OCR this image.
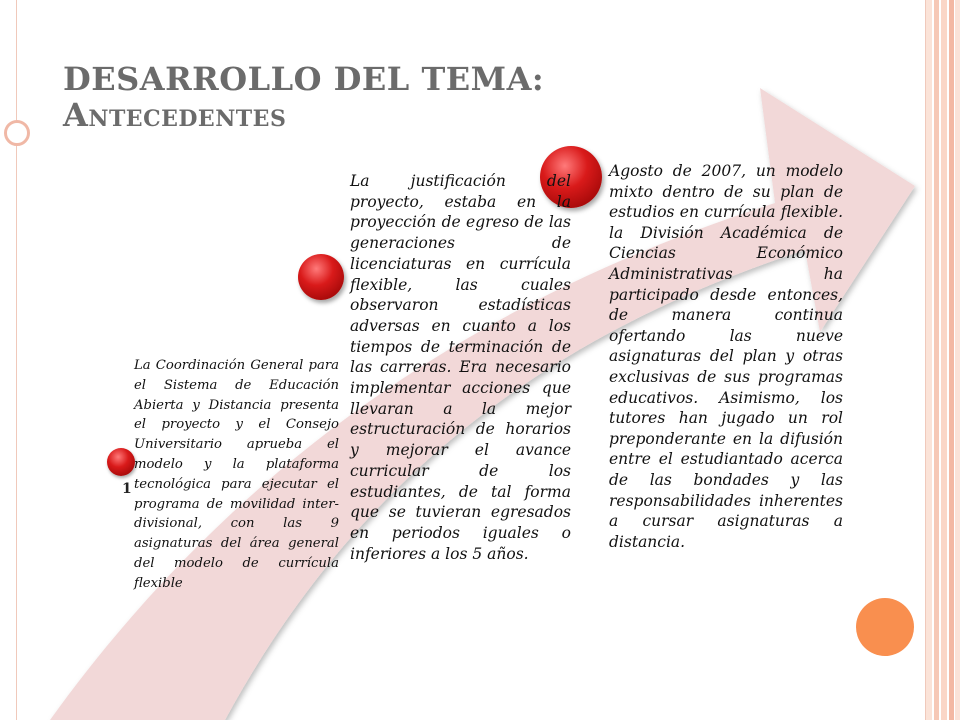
DESARROLLO DEL TEMA:
Antecedentes
1

La Coordinación General para el Sistema de Educación Abierta y Distancia presenta el proyecto y el Consejo Universitario aprueba el modelo y la plataforma tecnológica para ejecutar el programa de movilidad inter-divisional, con las 9 asignaturas del área general del modelo de currícula flexible

La justificación del proyecto, estaba en la proyección de egreso de las generaciones de licenciaturas en currícula flexible, las cuales observaron estadísticas adversas en cuanto a los tiempos de terminación de las carreras. Era necesario implementar acciones que llevaran a la mejor estructuración de horarios y mejorar el avance curricular de los estudiantes, de tal forma que se tuvieran egresados en periodos iguales o inferiores a los 5 años.

Agosto de 2007, un modelo mixto dentro de su plan de estudios en currícula flexible. la División Académica de Ciencias Económico Administrativas ha participado desde entonces, de manera continua ofertando las nueve asignaturas del plan y otras exclusivas de sus programas educativos. Asimismo, los tutores han jugado un rol preponderante en la difusión entre el estudiantado acerca de las bondades y las responsabilidades inherentes a cursar asignaturas a distancia.
